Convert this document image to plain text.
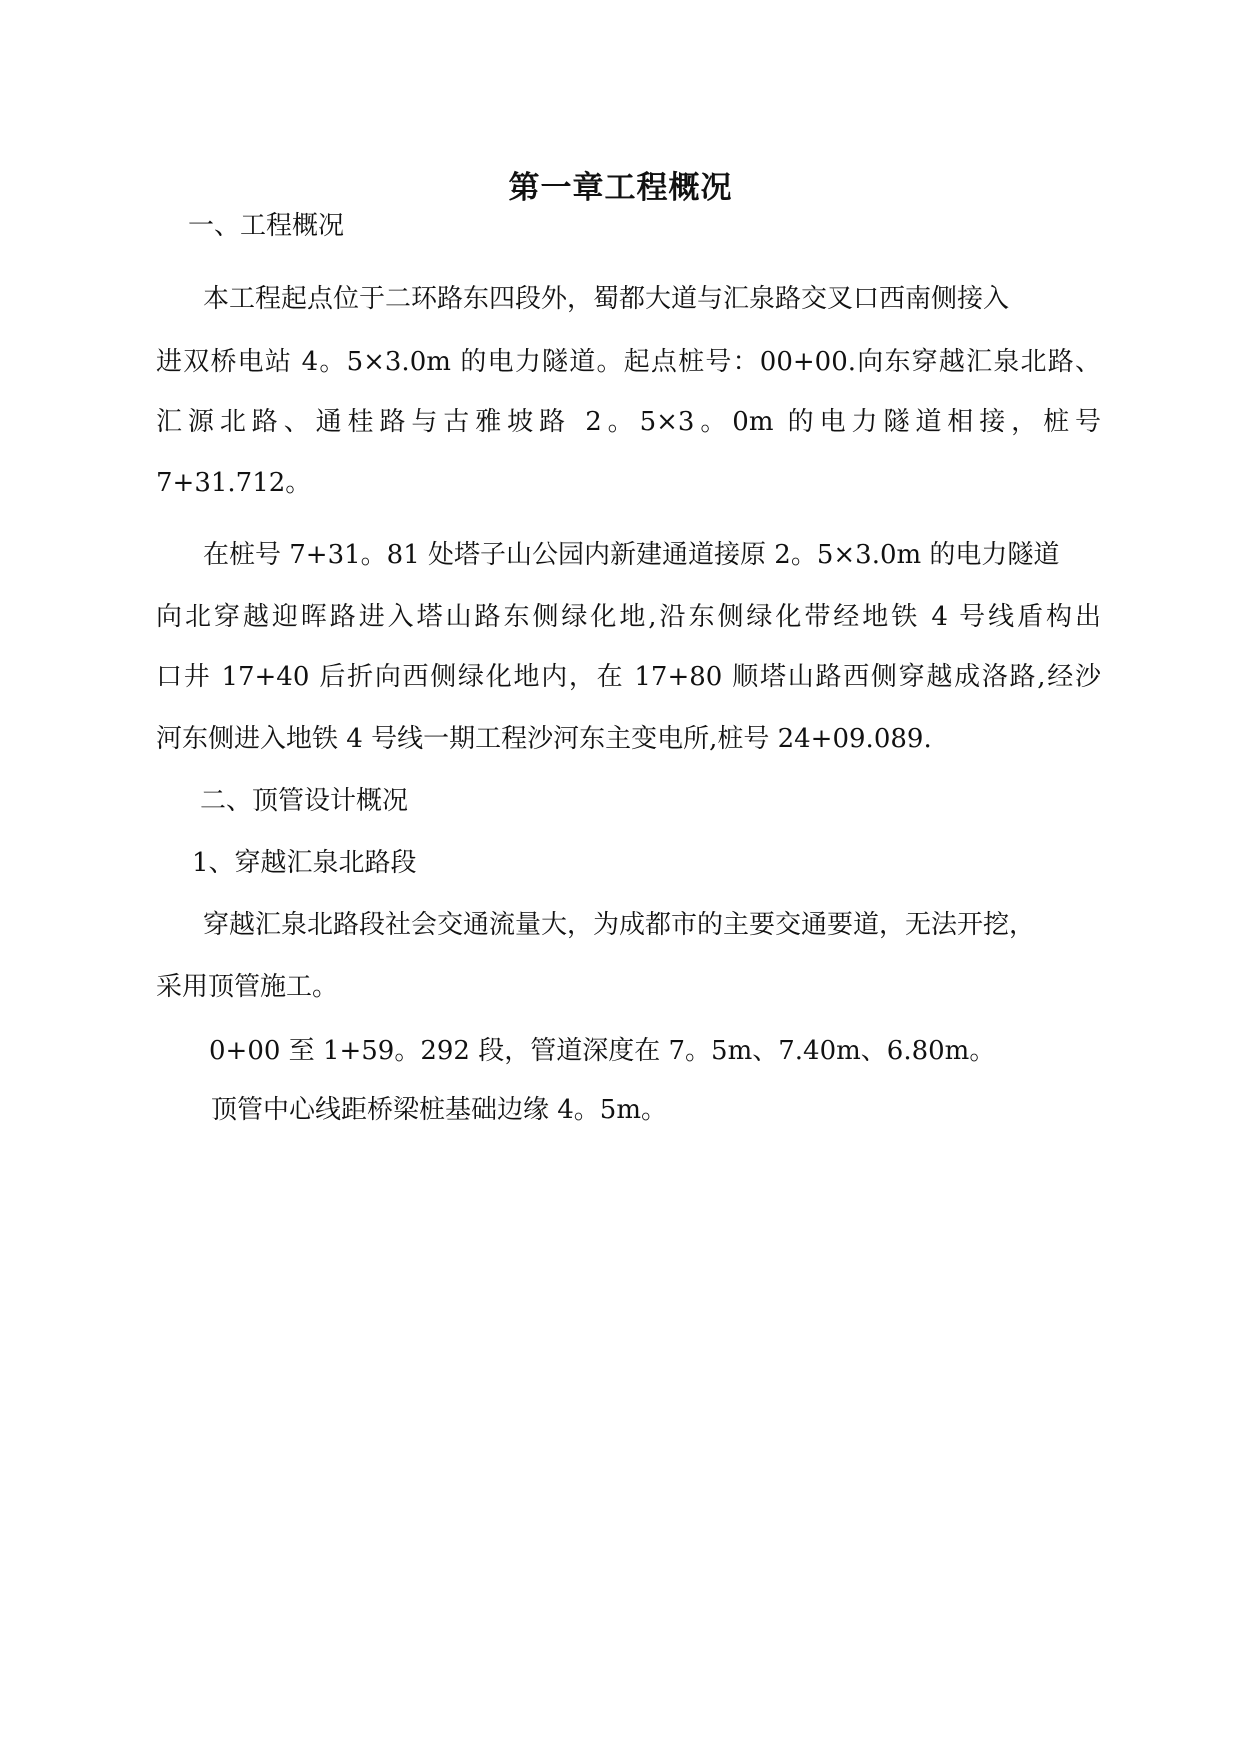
第一章工程概况

一、工程概况

本工程起点位于二环路东四段外，蜀都大道与汇泉路交叉口西南侧接入

进双桥电站 4。5×3.0m 的电力隧道。起点桩号：00+00.向东穿越汇泉北路、

汇源北路、通桂路与古雅坡路 2。5×3。0m 的电力隧道相接，桩号

7+31.712。

在桩号 7+31。81 处塔子山公园内新建通道接原 2。5×3.0m 的电力隧道

向北穿越迎晖路进入塔山路东侧绿化地,沿东侧绿化带经地铁 4 号线盾构出

口井 17+40 后折向西侧绿化地内，在 17+80 顺塔山路西侧穿越成洛路,经沙

河东侧进入地铁 4 号线一期工程沙河东主变电所,桩号 24+09.089.

二、顶管设计概况

1、穿越汇泉北路段

穿越汇泉北路段社会交通流量大，为成都市的主要交通要道，无法开挖，

采用顶管施工。

0+00 至 1+59。292 段，管道深度在 7。5m、7.40m、6.80m。

顶管中心线距桥梁桩基础边缘 4。5m。
